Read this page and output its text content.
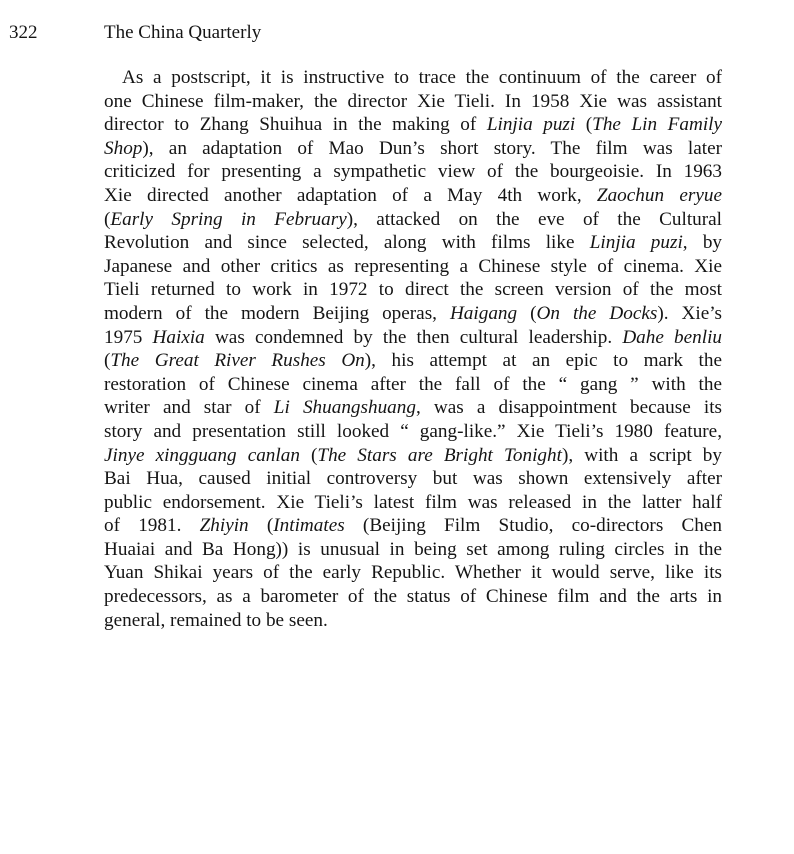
322	The China Quarterly
As a postscript, it is instructive to trace the continuum of the career of
one Chinese film-maker, the director Xie Tieli. In 1958 Xie was assistant
director to Zhang Shuihua in the making of Linjia puzi (The Lin Family
Shop), an adaptation of Mao Dun’s short story. The film was later
criticized for presenting a sympathetic view of the bourgeoisie. In 1963
Xie directed another adaptation of a May 4th work, Zaochun eryue
(Early Spring in February), attacked on the eve of the Cultural
Revolution and since selected, along with films like Linjia puzi, by
Japanese and other critics as representing a Chinese style of cinema. Xie
Tieli returned to work in 1972 to direct the screen version of the most
modern of the modern Beijing operas, Haigang (On the Docks). Xie’s
1975 Haixia was condemned by the then cultural leadership. Dahe benliu
(The Great River Rushes On), his attempt at an epic to mark the
restoration of Chinese cinema after the fall of the “ gang ” with the
writer and star of Li Shuangshuang, was a disappointment because its
story and presentation still looked “ gang-like.” Xie Tieli’s 1980 feature,
Jinye xingguang canlan (The Stars are Bright Tonight), with a script by
Bai Hua, caused initial controversy but was shown extensively after
public endorsement. Xie Tieli’s latest film was released in the latter half
of 1981. Zhiyin (Intimates (Beijing Film Studio, co-directors Chen
Huaiai and Ba Hong)) is unusual in being set among ruling circles in the
Yuan Shikai years of the early Republic. Whether it would serve, like its
predecessors, as a barometer of the status of Chinese film and the arts in
general, remained to be seen.
